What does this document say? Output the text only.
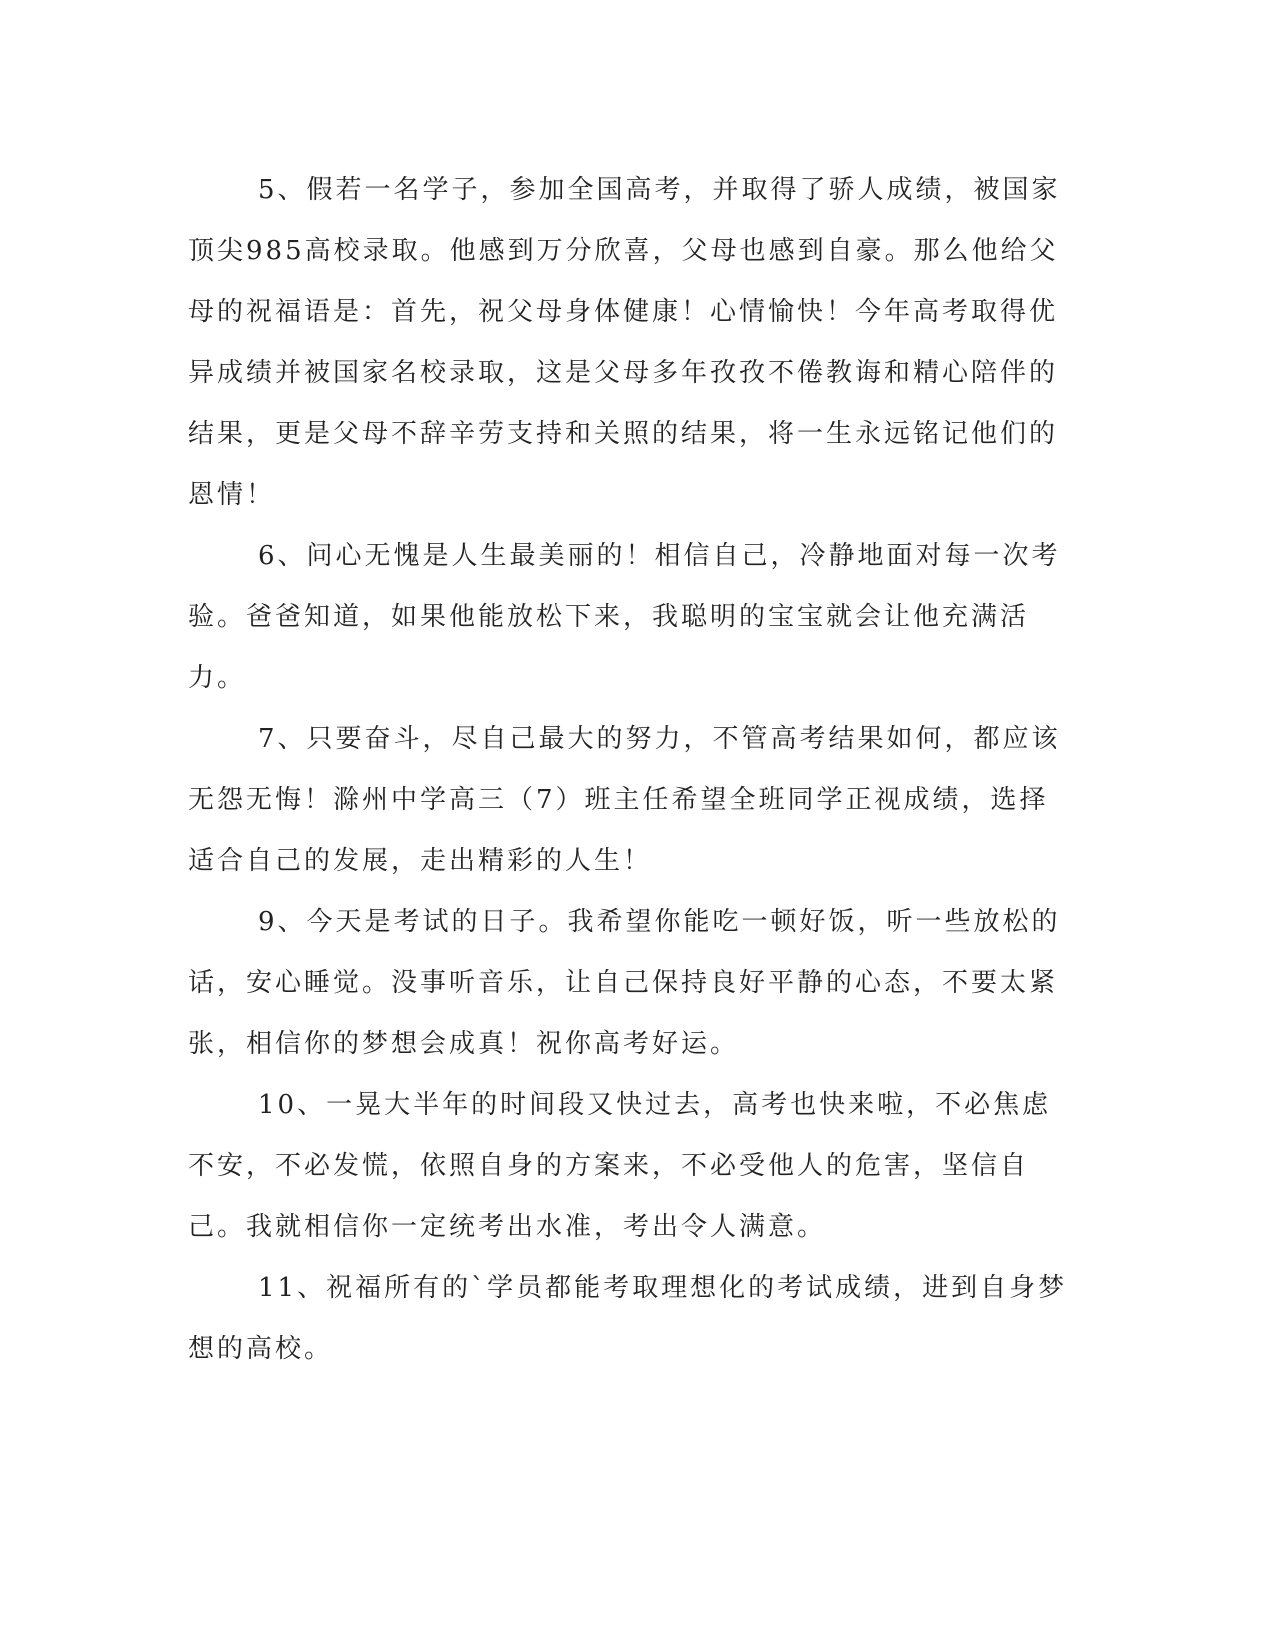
5、假若一名学子，参加全国高考，并取得了骄人成绩，被国家顶尖985高校录取。他感到万分欣喜，父母也感到自豪。那么他给父母的祝福语是：首先，祝父母身体健康！心情愉快！今年高考取得优异成绩并被国家名校录取，这是父母多年孜孜不倦教诲和精心陪伴的结果，更是父母不辞辛劳支持和关照的结果，将一生永远铭记他们的恩情！

6、问心无愧是人生最美丽的！相信自己，冷静地面对每一次考验。爸爸知道，如果他能放松下来，我聪明的宝宝就会让他充满活力。

7、只要奋斗，尽自己最大的努力，不管高考结果如何，都应该无怨无悔！滁州中学高三（7）班主任希望全班同学正视成绩，选择适合自己的发展，走出精彩的人生！

9、今天是考试的日子。我希望你能吃一顿好饭，听一些放松的话，安心睡觉。没事听音乐，让自己保持良好平静的心态，不要太紧张，相信你的梦想会成真！祝你高考好运。

10、一晃大半年的时间段又快过去，高考也快来啦，不必焦虑不安，不必发慌，依照自身的方案来，不必受他人的危害，坚信自己。我就相信你一定统考出水准，考出令人满意。

11、祝福所有的`学员都能考取理想化的考试成绩，进到自身梦想的高校。
